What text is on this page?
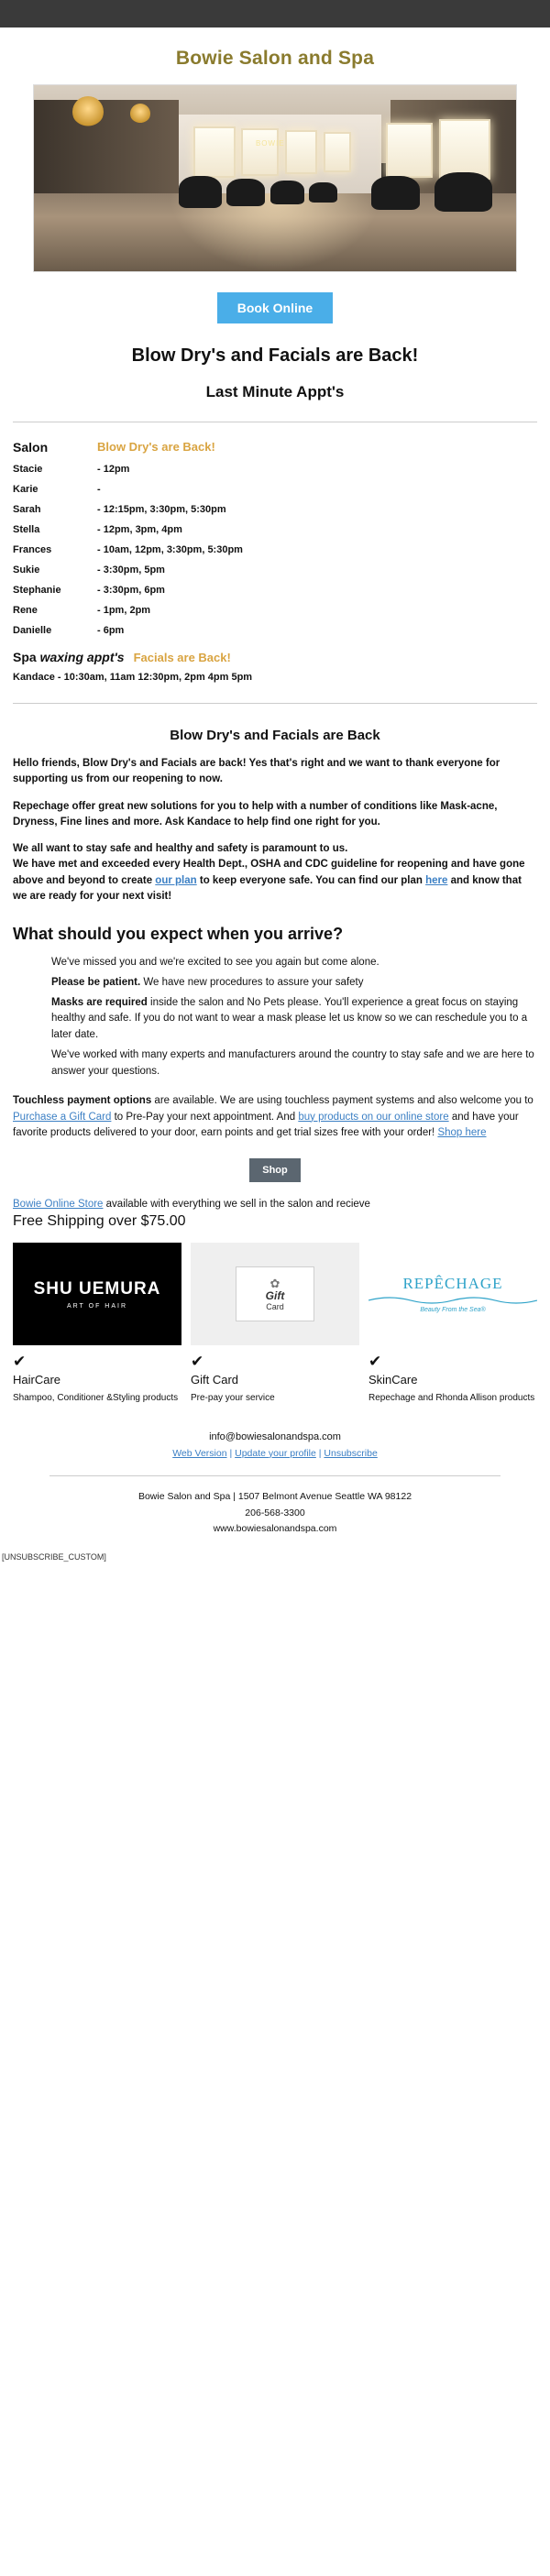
Bowie Salon and Spa
BOWIE
Book Online
Blow Dry's and Facials are Back!
Last Minute Appt's
Salon	Blow Dry's are Back!
Stacie	- 12pm
Karie	-
Sarah	- 12:15pm, 3:30pm, 5:30pm
Stella	- 12pm, 3pm, 4pm
Frances	- 10am, 12pm, 3:30pm, 5:30pm
Sukie	- 3:30pm, 5pm
Stephanie	- 3:30pm, 6pm
Rene	- 1pm, 2pm
Danielle	- 6pm
Spa waxing appt's Facials are Back!
Kandace - 10:30am, 11am 12:30pm, 2pm 4pm 5pm
Blow Dry's and Facials are Back

Hello friends, Blow Dry's and Facials are back! Yes that's right and we want to thank everyone for supporting us from our reopening to now.

Repechage offer great new solutions for you to help with a number of conditions like Mask-acne, Dryness, Fine lines and more. Ask Kandace to help find one right for you.

We all want to stay safe and healthy and safety is paramount to us.
We have met and exceeded every Health Dept., OSHA and CDC guideline for reopening and have gone above and beyond to create our plan to keep everyone safe. You can find our plan here and know that we are ready for your next visit!

What should you expect when you arrive?

We've missed you and we're excited to see you again but come alone.

Please be patient. We have new procedures to assure your safety

Masks are required inside the salon and No Pets please. You'll experience a great focus on staying healthy and safe. If you do not want to wear a mask please let us know so we can reschedule you to a later date.

We've worked with many experts and manufacturers around the country to stay safe and we are here to answer your questions.

Touchless payment options are available. We are using touchless payment systems and also welcome you to Purchase a Gift Card to Pre-Pay your next appointment. And buy products on our online store and have your favorite products delivered to your door, earn points and get trial sizes free with your order! Shop here

Shop
Bowie Online Store available with everything we sell in the salon and recieve
Free Shipping over $75.00
SHU UEMURA
ART OF HAIR
✔
HairCare

Shampoo, Conditioner &Styling products

✿
Gift
Card
✔
Gift Card

Pre-pay your service

REPÊCHAGE
Beauty From the Sea®
✔
SkinCare

Repechage and Rhonda Allison products

info@bowiesalonandspa.com
Web Version | Update your profile | Unsubscribe
Bowie Salon and Spa | 1507 Belmont Avenue Seattle WA 98122
206-568-3300
www.bowiesalonandspa.com
[UNSUBSCRIBE_CUSTOM]
